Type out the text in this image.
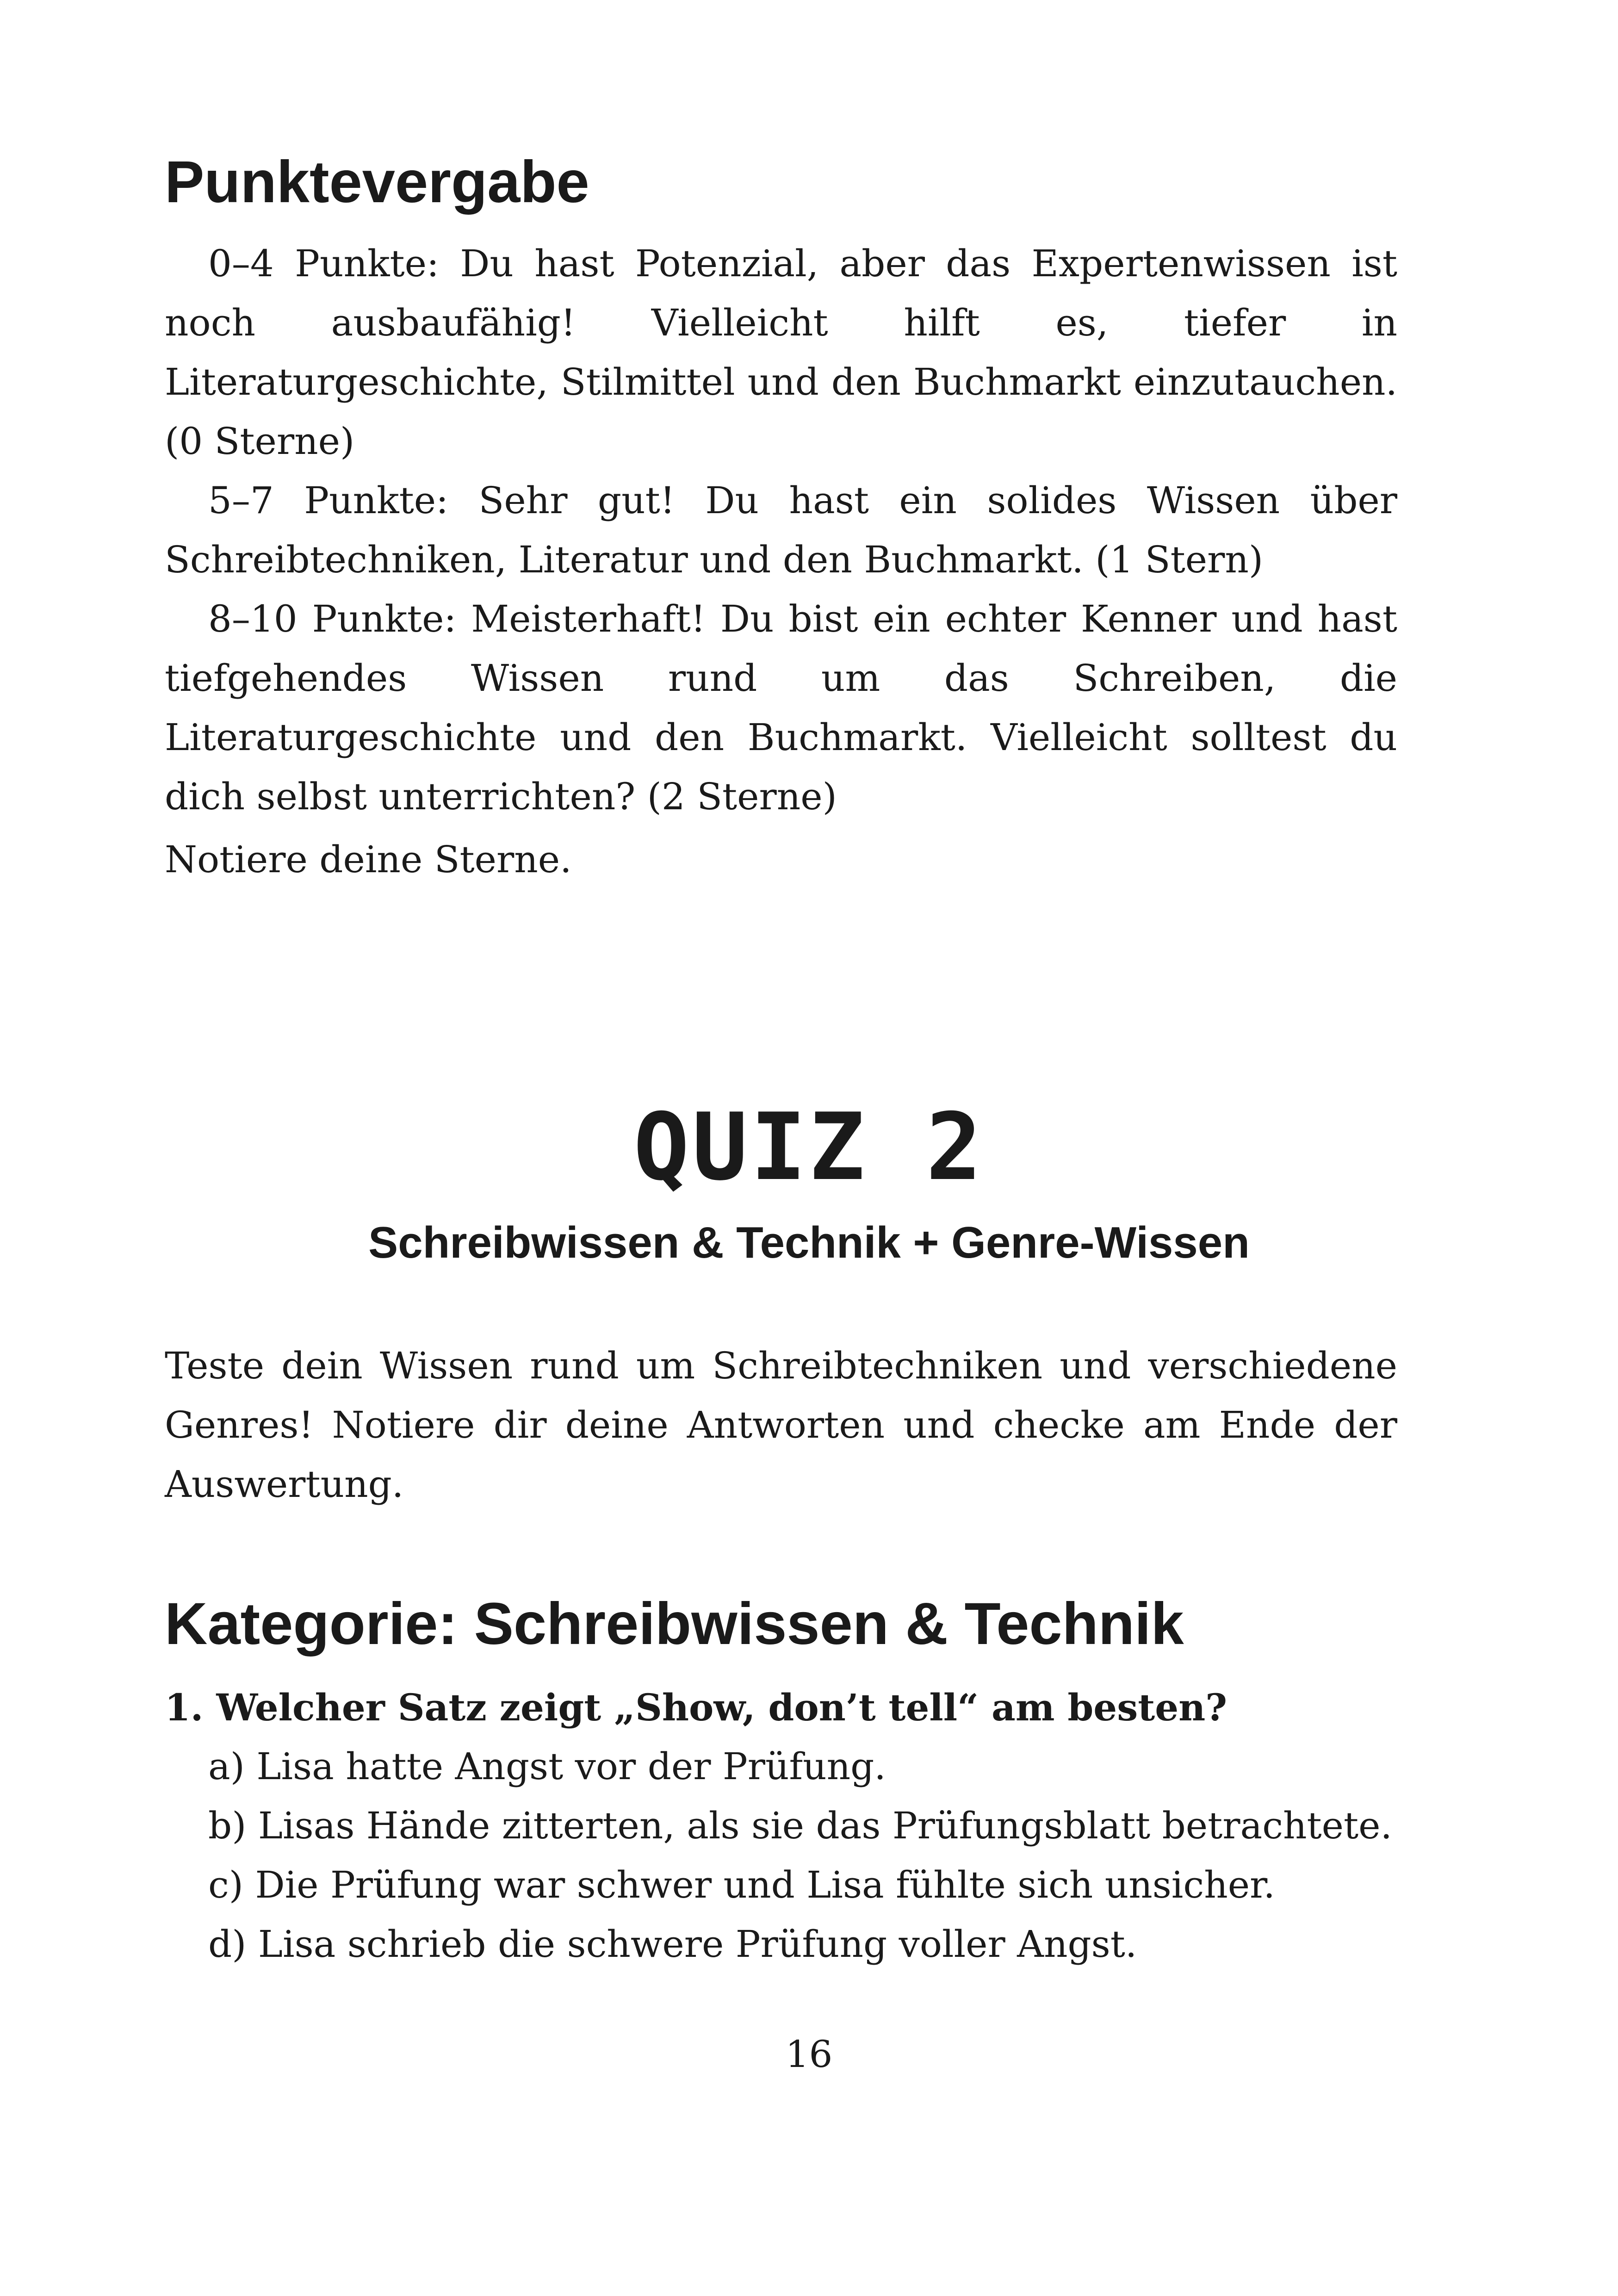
Punktevergabe

0–4 Punkte: Du hast Potenzial, aber das Expertenwissen ist noch ausbaufähig! Vielleicht hilft es, tiefer in Literaturgeschichte, Stilmittel und den Buchmarkt einzutauchen. (0 Sterne)

5–7 Punkte: Sehr gut! Du hast ein solides Wissen über Schreibtechniken, Literatur und den Buchmarkt. (1 Stern)

8–10 Punkte: Meisterhaft! Du bist ein echter Kenner und hast tiefgehendes Wissen rund um das Schreiben, die Literaturgeschichte und den Buchmarkt. Vielleicht solltest du dich selbst unterrichten? (2 Sterne)

Notiere deine Sterne.

QUIZ 2
Schreibwissen & Technik + Genre-Wissen

Teste dein Wissen rund um Schreibtechniken und verschiedene Genres! Notiere dir deine Antworten und checke am Ende der Auswertung.

Kategorie: Schreibwissen & Technik

1. Welcher Satz zeigt „Show, don’t tell“ am besten?

a) Lisa hatte Angst vor der Prüfung.
b) Lisas Hände zitterten, als sie das Prüfungsblatt betrachtete.
c) Die Prüfung war schwer und Lisa fühlte sich unsicher.
d) Lisa schrieb die schwere Prüfung voller Angst.

16
